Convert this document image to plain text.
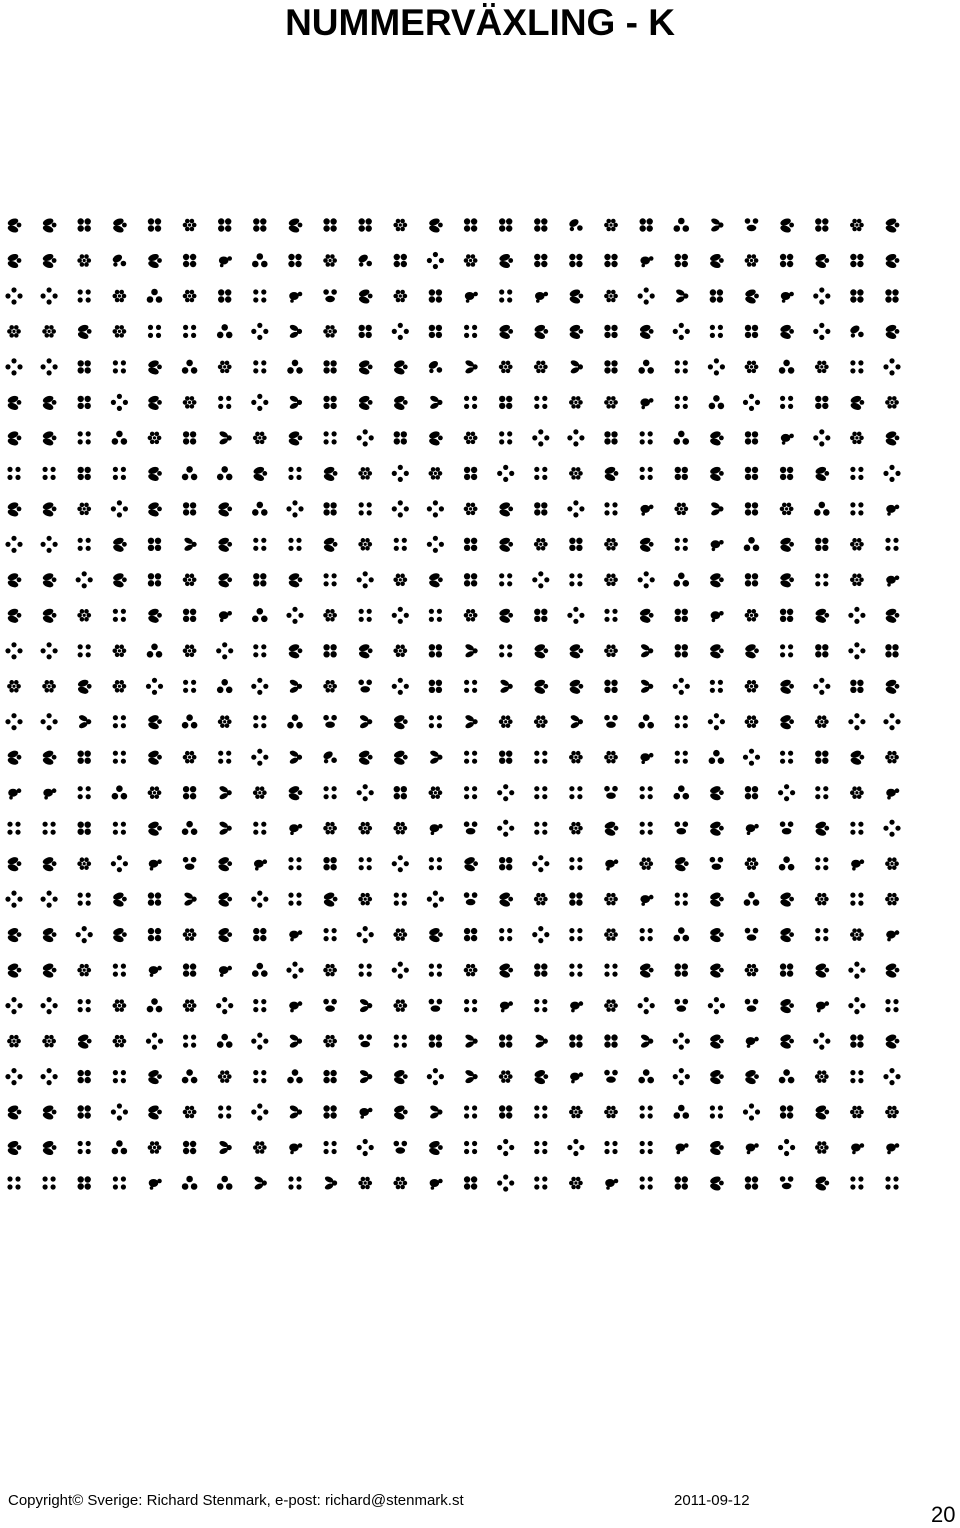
NUMMERVÄXLING - K
Copyright© Sverige: Richard Stenmark, e-post: richard@stenmark.st	2011-09-12
20
